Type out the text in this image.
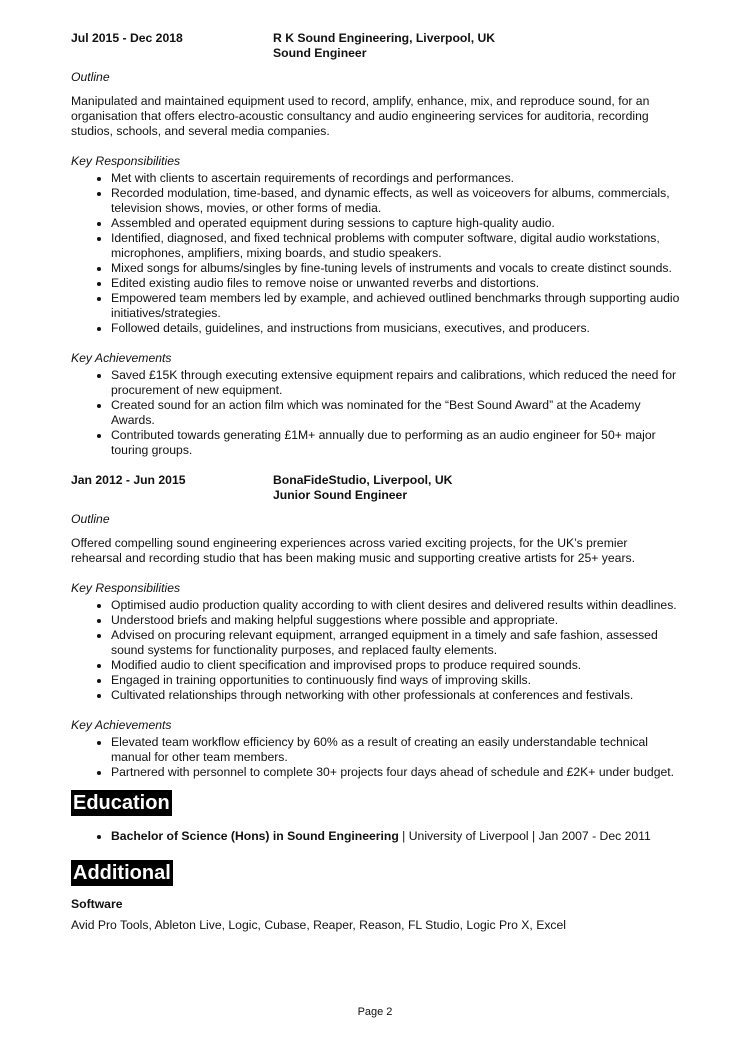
Jul 2015 - Dec 2018	R K Sound Engineering, Liverpool, UK
Sound Engineer
Outline
Manipulated and maintained equipment used to record, amplify, enhance, mix, and reproduce sound, for an organisation that offers electro-acoustic consultancy and audio engineering services for auditoria, recording studios, schools, and several media companies.
Key Responsibilities
• Met with clients to ascertain requirements of recordings and performances.
• Recorded modulation, time-based, and dynamic effects, as well as voiceovers for albums, commercials, television shows, movies, or other forms of media.
• Assembled and operated equipment during sessions to capture high-quality audio.
• Identified, diagnosed, and fixed technical problems with computer software, digital audio workstations, microphones, amplifiers, mixing boards, and studio speakers.
• Mixed songs for albums/singles by fine-tuning levels of instruments and vocals to create distinct sounds.
• Edited existing audio files to remove noise or unwanted reverbs and distortions.
• Empowered team members led by example, and achieved outlined benchmarks through supporting audio initiatives/strategies.
• Followed details, guidelines, and instructions from musicians, executives, and producers.
Key Achievements
• Saved £15K through executing extensive equipment repairs and calibrations, which reduced the need for procurement of new equipment.
• Created sound for an action film which was nominated for the “Best Sound Award” at the Academy Awards.
• Contributed towards generating £1M+ annually due to performing as an audio engineer for 50+ major touring groups.
Jan 2012 - Jun 2015	BonaFideStudio, Liverpool, UK
Junior Sound Engineer
Outline
Offered compelling sound engineering experiences across varied exciting projects, for the UK’s premier rehearsal and recording studio that has been making music and supporting creative artists for 25+ years.
Key Responsibilities
• Optimised audio production quality according to with client desires and delivered results within deadlines.
• Understood briefs and making helpful suggestions where possible and appropriate.
• Advised on procuring relevant equipment, arranged equipment in a timely and safe fashion, assessed sound systems for functionality purposes, and replaced faulty elements.
• Modified audio to client specification and improvised props to produce required sounds.
• Engaged in training opportunities to continuously find ways of improving skills.
• Cultivated relationships through networking with other professionals at conferences and festivals.
Key Achievements
• Elevated team workflow efficiency by 60% as a result of creating an easily understandable technical manual for other team members.
• Partnered with personnel to complete 30+ projects four days ahead of schedule and £2K+ under budget.
Education
• Bachelor of Science (Hons) in Sound Engineering | University of Liverpool | Jan 2007 - Dec 2011
Additional
Software
Avid Pro Tools, Ableton Live, Logic, Cubase, Reaper, Reason, FL Studio, Logic Pro X, Excel
Page 2
